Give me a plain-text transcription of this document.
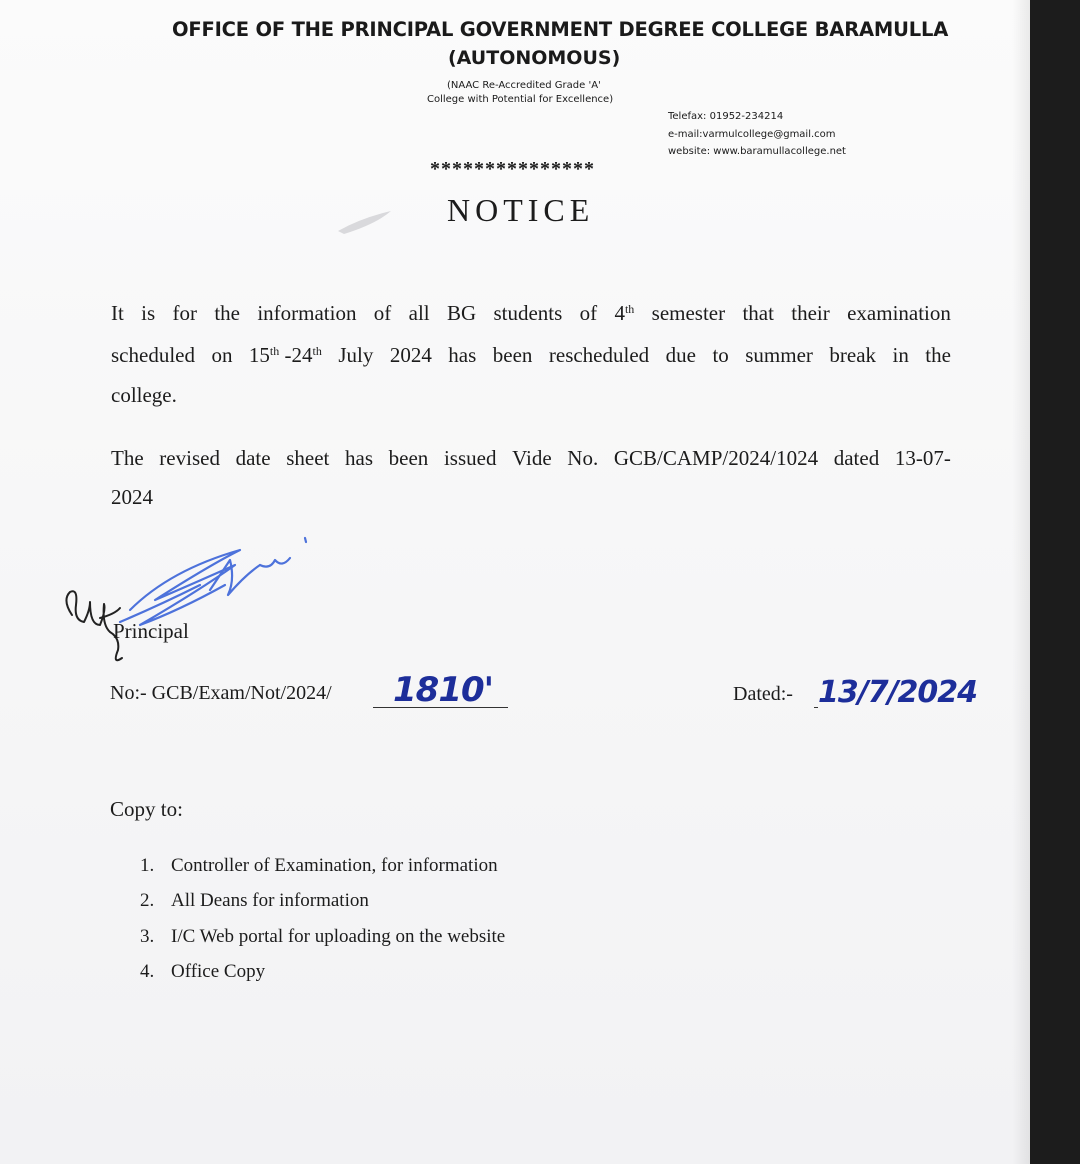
OFFICE OF THE PRINCIPAL GOVERNMENT DEGREE COLLEGE BARAMULLA
(AUTONOMOUS)
(NAAC Re-Accredited Grade 'A'
College with Potential for Excellence)
Telefax: 01952-234214
e-mail:varmulcollege@gmail.com
website: www.baramullacollege.net
***************
NOTICE
It is for the information of all BG students of 4th semester that their examination
scheduled on 15th -24th July 2024 has been rescheduled due to summer break in the
college.
The revised date sheet has been issued Vide No. GCB/CAMP/2024/1024 dated 13-07-
2024
Principal
No:- GCB/Exam/Not/2024/ 1810'	Dated:- 13/7/2024
Copy to:
1. Controller of Examination, for information
2. All Deans for information
3. I/C Web portal for uploading on the website
4. Office Copy
